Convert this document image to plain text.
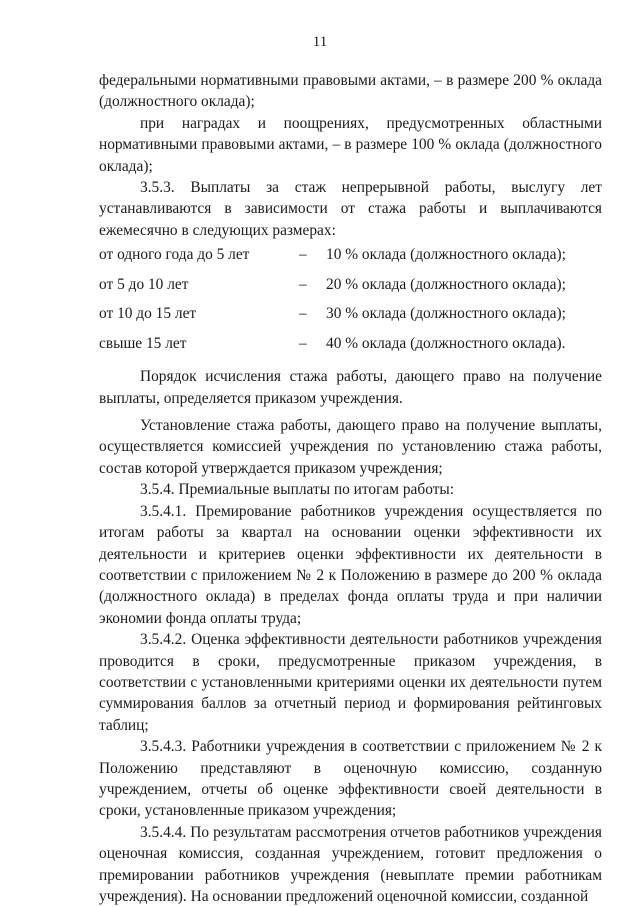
11

федеральными нормативными правовыми актами, – в размере 200 % оклада (должностного оклада);

при наградах и поощрениях, предусмотренных областными нормативными правовыми актами, – в размере 100 % оклада (должностного оклада);

3.5.3. Выплаты за стаж непрерывной работы, выслугу лет устанавливаются в зависимости от стажа работы и выплачиваются ежемесячно в следующих размерах:

от одного года до 5 лет	–	10 % оклада (должностного оклада);
от 5 до 10 лет	–	20 % оклада (должностного оклада);
от 10 до 15 лет	–	30 % оклада (должностного оклада);
свыше 15 лет	–	40 % оклада (должностного оклада).

Порядок исчисления стажа работы, дающего право на получение выплаты, определяется приказом учреждения.

Установление стажа работы, дающего право на получение выплаты, осуществляется комиссией учреждения по установлению стажа работы, состав которой утверждается приказом учреждения;

3.5.4. Премиальные выплаты по итогам работы:

3.5.4.1. Премирование работников учреждения осуществляется по итогам работы за квартал на основании оценки эффективности их деятельности и критериев оценки эффективности их деятельности в соответствии с приложением № 2 к Положению в размере до 200 % оклада (должностного оклада) в пределах фонда оплаты труда и при наличии экономии фонда оплаты труда;

3.5.4.2. Оценка эффективности деятельности работников учреждения проводится в сроки, предусмотренные приказом учреждения, в соответствии с установленными критериями оценки их деятельности путем суммирования баллов за отчетный период и формирования рейтинговых таблиц;

3.5.4.3. Работники учреждения в соответствии с приложением № 2 к Положению представляют в оценочную комиссию, созданную учреждением, отчеты об оценке эффективности своей деятельности в сроки, установленные приказом учреждения;

3.5.4.4. По результатам рассмотрения отчетов работников учреждения оценочная комиссия, созданная учреждением, готовит предложения о премировании работников учреждения (невыплате премии работникам учреждения). На основании предложений оценочной комиссии, созданной
